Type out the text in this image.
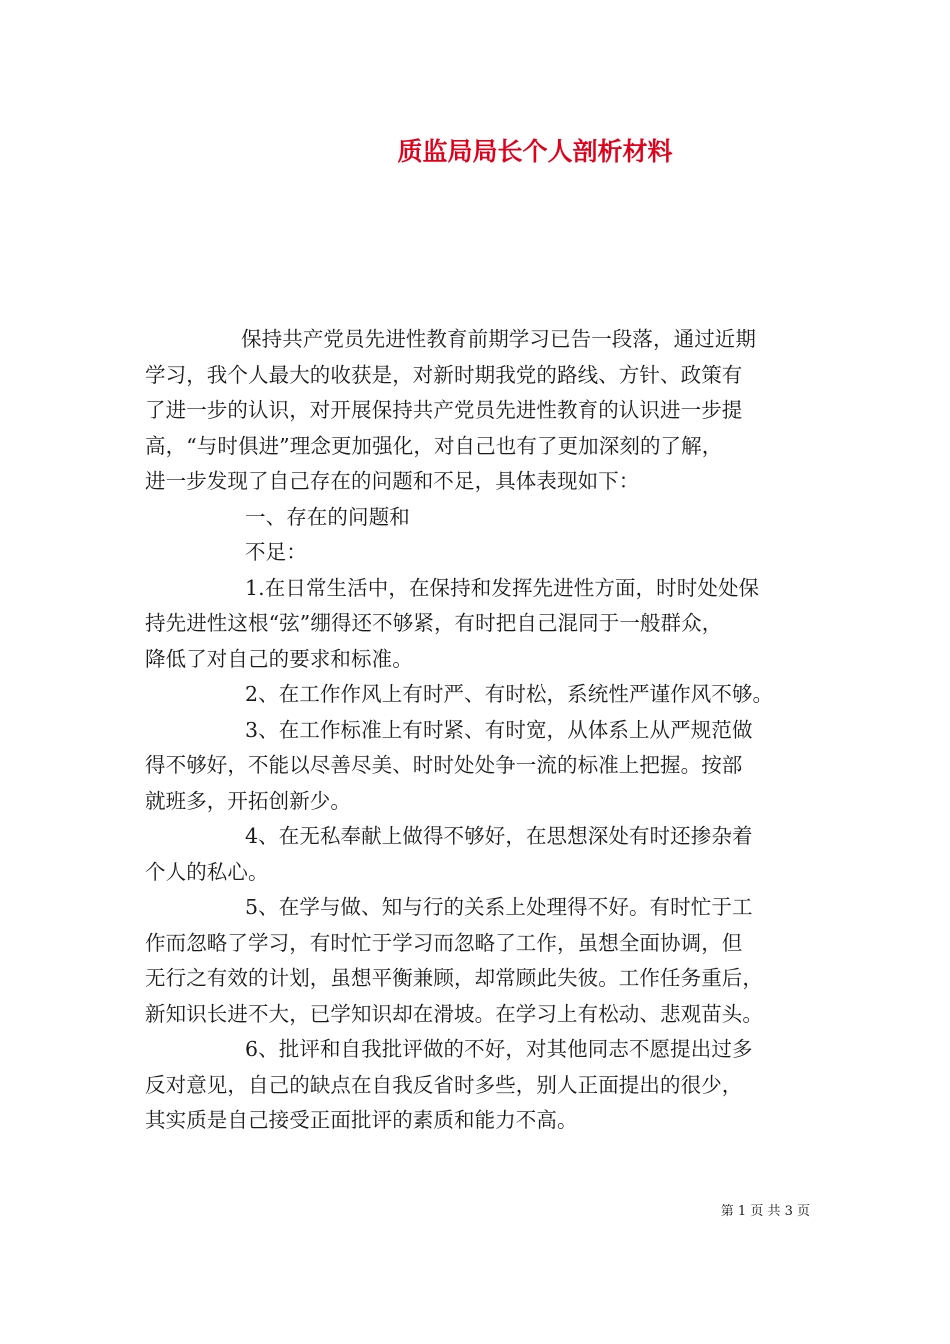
质监局局长个人剖析材料
保持共产党员先进性教育前期学习已告一段落，通过近期
学习，我个人最大的收获是，对新时期我党的路线、方针、政策有
了进一步的认识，对开展保持共产党员先进性教育的认识进一步提
高，“与时俱进”理念更加强化，对自己也有了更加深刻的了解，
进一步发现了自己存在的问题和不足，具体表现如下：
一、存在的问题和
不足：
1.在日常生活中，在保持和发挥先进性方面，时时处处保
持先进性这根“弦”绷得还不够紧，有时把自己混同于一般群众，
降低了对自己的要求和标准。
2、在工作作风上有时严、有时松，系统性严谨作风不够。
3、在工作标准上有时紧、有时宽，从体系上从严规范做
得不够好，不能以尽善尽美、时时处处争一流的标准上把握。按部
就班多，开拓创新少。
4、在无私奉献上做得不够好，在思想深处有时还掺杂着
个人的私心。
5、在学与做、知与行的关系上处理得不好。有时忙于工
作而忽略了学习，有时忙于学习而忽略了工作，虽想全面协调，但
无行之有效的计划，虽想平衡兼顾，却常顾此失彼。工作任务重后，
新知识长进不大，已学知识却在滑坡。在学习上有松动、悲观苗头。
6、批评和自我批评做的不好，对其他同志不愿提出过多
反对意见，自己的缺点在自我反省时多些，别人正面提出的很少，
其实质是自己接受正面批评的素质和能力不高。
第 1 页 共 3 页
